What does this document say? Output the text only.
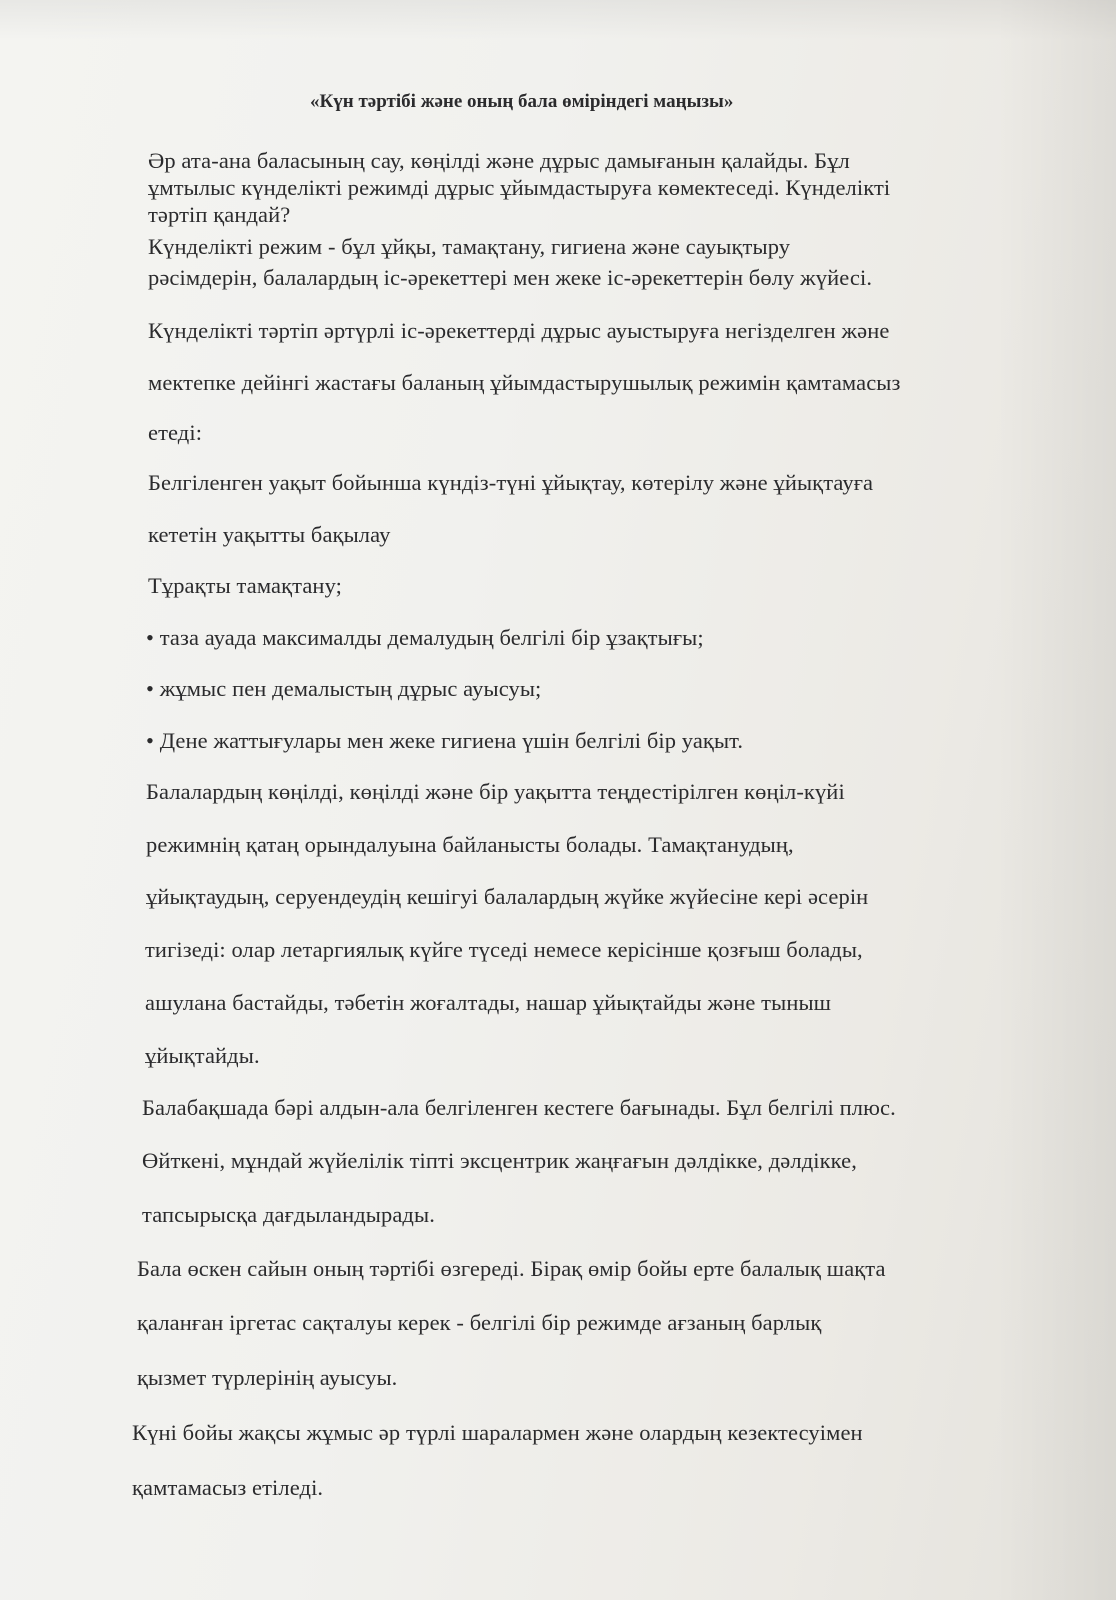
«Күн тәртібі және оның бала өміріндегі маңызы»
Әр ата-ана баласының сау, көңілді және дұрыс дамығанын қалайды. Бұл
ұмтылыс күнделікті режимді дұрыс ұйымдастыруға көмектеседі. Күнделікті
тәртіп қандай?
Күнделікті режим - бұл ұйқы, тамақтану, гигиена және сауықтыру
рәсімдерін, балалардың іс-әрекеттері мен жеке іс-әрекеттерін бөлу жүйесі.
Күнделікті тәртіп әртүрлі іс-әрекеттерді дұрыс ауыстыруға негізделген және
мектепке дейінгі жастағы баланың ұйымдастырушылық режимін қамтамасыз
етеді:
Белгіленген уақыт бойынша күндіз-түні ұйықтау, көтерілу және ұйықтауға
кететін уақытты бақылау
Тұрақты тамақтану;
• таза ауада максималды демалудың белгілі бір ұзақтығы;
• жұмыс пен демалыстың дұрыс ауысуы;
• Дене жаттығулары мен жеке гигиена үшін белгілі бір уақыт.
Балалардың көңілді, көңілді және бір уақытта теңдестірілген көңіл-күйі
режимнің қатаң орындалуына байланысты болады. Тамақтанудың,
ұйықтаудың, серуендеудің кешігуі балалардың жүйке жүйесіне кері әсерін
тигізеді: олар летаргиялық күйге түседі немесе керісінше қозғыш болады,
ашулана бастайды, тәбетін жоғалтады, нашар ұйықтайды және тыныш
ұйықтайды.
Балабақшада бәрі алдын-ала белгіленген кестеге бағынады. Бұл белгілі плюс.
Өйткені, мұндай жүйелілік тіпті эксцентрик жаңғағын дәлдікке, дәлдікке,
тапсырысқа дағдыландырады.
Бала өскен сайын оның тәртібі өзгереді. Бірақ өмір бойы ерте балалық шақта
қаланған іргетас сақталуы керек - белгілі бір режимде ағзаның барлық
қызмет түрлерінің ауысуы.
Күні бойы жақсы жұмыс әр түрлі шаралармен және олардың кезектесуімен
қамтамасыз етіледі.
